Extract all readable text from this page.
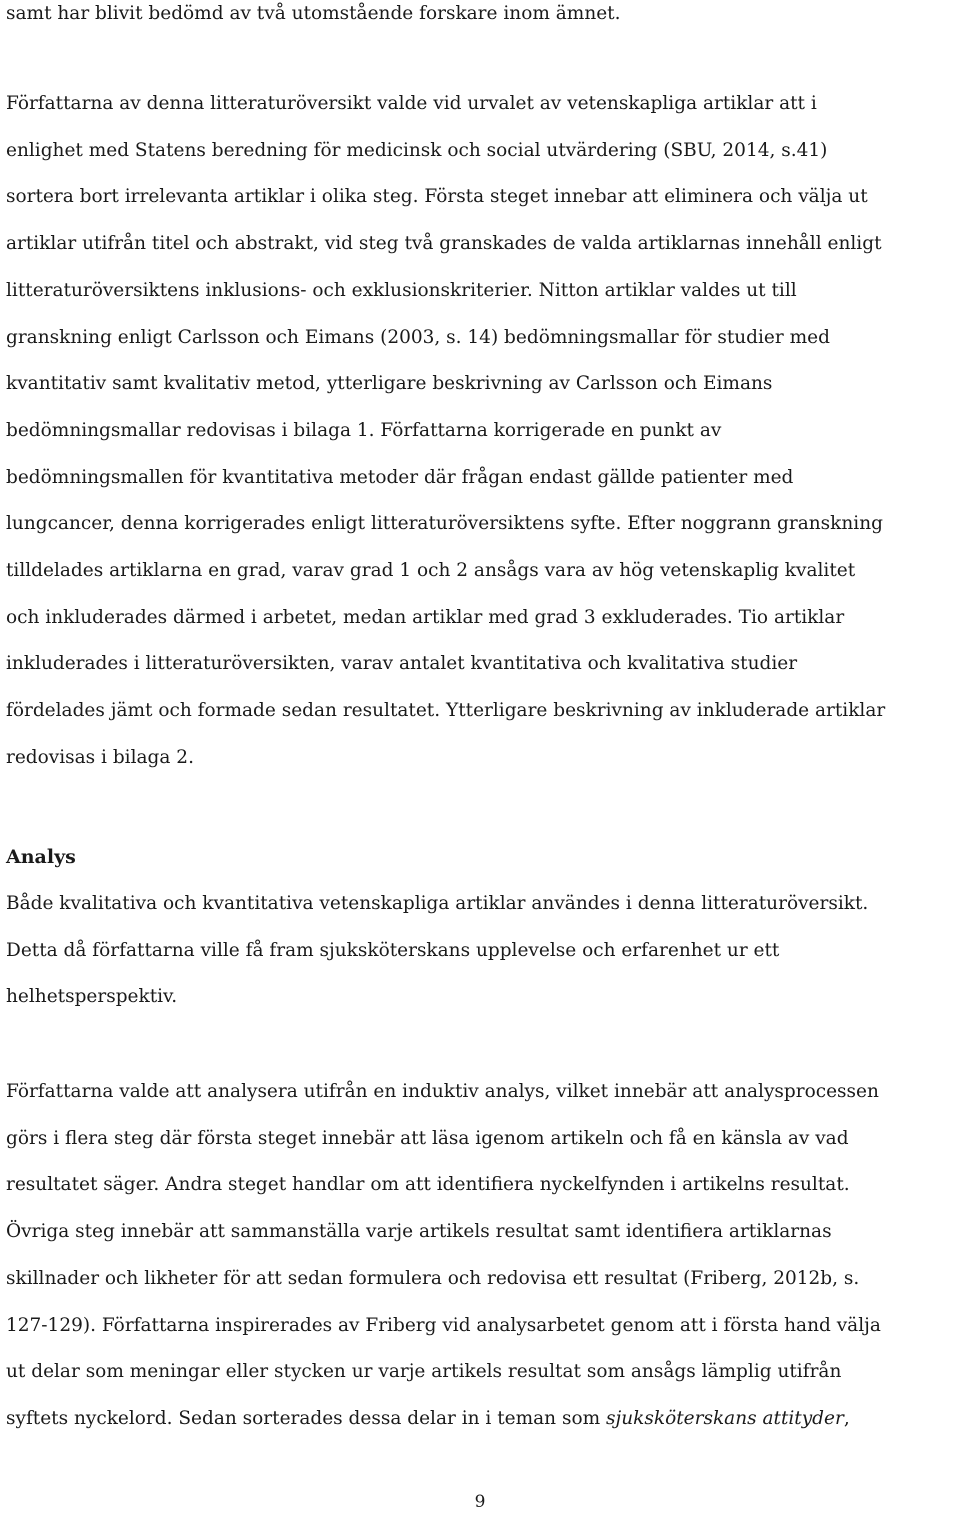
samt har blivit bedömd av två utomstående forskare inom ämnet.

Författarna av denna litteraturöversikt valde vid urvalet av vetenskapliga artiklar att i
enlighet med Statens beredning för medicinsk och social utvärdering (SBU, 2014, s.41)
sortera bort irrelevanta artiklar i olika steg. Första steget innebar att eliminera och välja ut
artiklar utifrån titel och abstrakt, vid steg två granskades de valda artiklarnas innehåll enligt
litteraturöversiktens inklusions- och exklusionskriterier. Nitton artiklar valdes ut till
granskning enligt Carlsson och Eimans (2003, s. 14) bedömningsmallar för studier med
kvantitativ samt kvalitativ metod, ytterligare beskrivning av Carlsson och Eimans
bedömningsmallar redovisas i bilaga 1. Författarna korrigerade en punkt av
bedömningsmallen för kvantitativa metoder där frågan endast gällde patienter med
lungcancer, denna korrigerades enligt litteraturöversiktens syfte. Efter noggrann granskning
tilldelades artiklarna en grad, varav grad 1 och 2 ansågs vara av hög vetenskaplig kvalitet
och inkluderades därmed i arbetet, medan artiklar med grad 3 exkluderades. Tio artiklar
inkluderades i litteraturöversikten, varav antalet kvantitativa och kvalitativa studier
fördelades jämt och formade sedan resultatet. Ytterligare beskrivning av inkluderade artiklar
redovisas i bilaga 2.

Analys

Både kvalitativa och kvantitativa vetenskapliga artiklar användes i denna litteraturöversikt.
Detta då författarna ville få fram sjuksköterskans upplevelse och erfarenhet ur ett
helhetsperspektiv.

Författarna valde att analysera utifrån en induktiv analys, vilket innebär att analysprocessen
görs i flera steg där första steget innebär att läsa igenom artikeln och få en känsla av vad
resultatet säger. Andra steget handlar om att identifiera nyckelfynden i artikelns resultat.
Övriga steg innebär att sammanställa varje artikels resultat samt identifiera artiklarnas
skillnader och likheter för att sedan formulera och redovisa ett resultat (Friberg, 2012b, s.
127-129). Författarna inspirerades av Friberg vid analysarbetet genom att i första hand välja
ut delar som meningar eller stycken ur varje artikels resultat som ansågs lämplig utifrån
syftets nyckelord. Sedan sorterades dessa delar in i teman som sjuksköterskans attityder,

9
